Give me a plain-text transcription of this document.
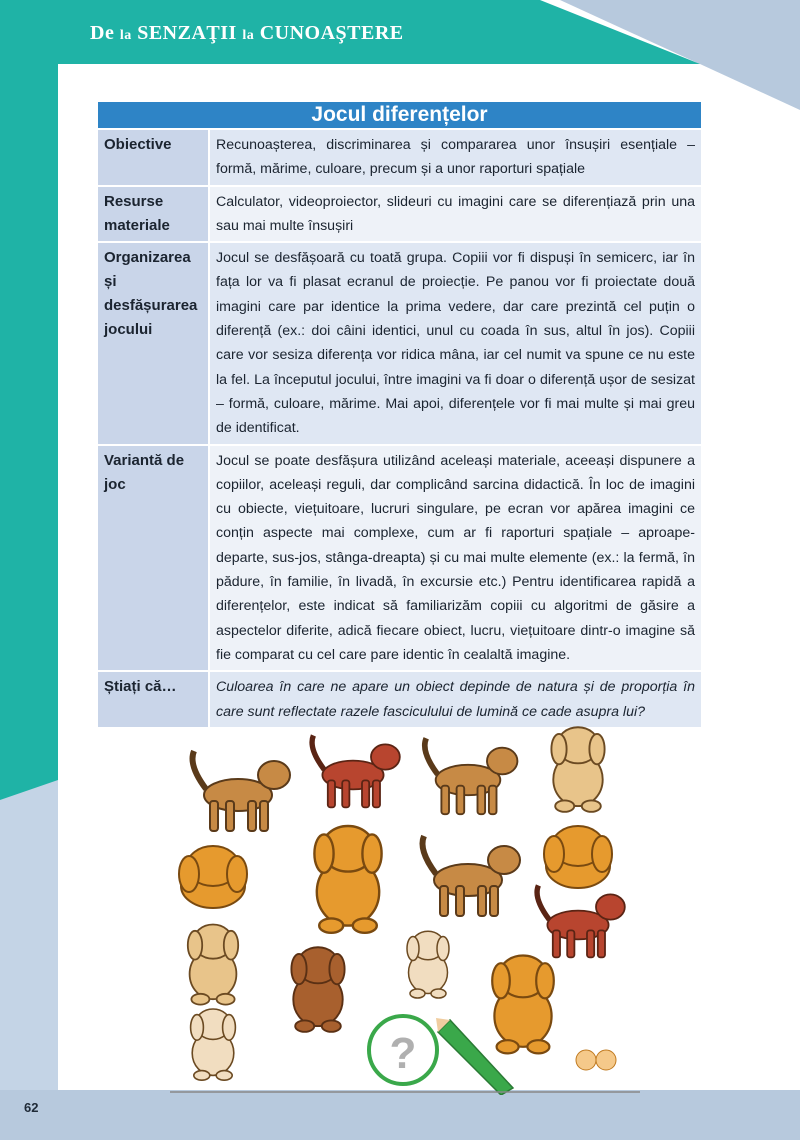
De la SENZAŢII la CUNOAŞTERE
Jocul diferențelor
Obiective	Recunoașterea, discriminarea și compararea unor însușiri esențiale – formă, mărime, culoare, precum și a unor raporturi spațiale
Resurse materiale
Calculator, videoproiector, slideuri cu imagini care se diferențiază prin una sau mai multe însușiri
Organizarea și desfășurarea jocului
Jocul se desfășoară cu toată grupa. Copiii vor fi dispuși în semicerc, iar în fața lor va fi plasat ecranul de proiecție. Pe panou vor fi proiectate două imagini care par identice la prima vedere, dar care prezintă cel puțin o diferență (ex.: doi câini identici, unul cu coada în sus, altul în jos). Copiii care vor sesiza diferența vor ridica mâna, iar cel numit va spune ce nu este la fel. La începutul jocului, între imagini va fi doar o diferență ușor de sesizat – formă, culoare, mărime. Mai apoi, diferențele vor fi mai multe și mai greu de identificat.
Variantă de joc
Jocul se poate desfășura utilizând aceleași materiale, aceeași dispunere a copiilor, aceleași reguli, dar complicând sarcina didactică. În loc de imagini cu obiecte, viețuitoare, lucruri singulare, pe ecran vor apărea imagini ce conțin aspecte mai complexe, cum ar fi raporturi spațiale – aproape-departe, sus-jos, stânga-dreapta) și cu mai multe elemente (ex.: la fermă, în pădure, în familie, în livadă, în excursie etc.) Pentru identificarea rapidă a diferențelor, este indicat să familiarizăm copiii cu algoritmi de găsire a aspectelor diferite, adică fiecare obiect, lucru, viețuitoare dintr-o imagine să fie comparat cu cel care pare identic în cealaltă imagine.
Știați că…	Culoarea în care ne apare un obiect depinde de natura și de proporția în care sunt reflectate razele fasciculului de lumină ce cade asupra lui?
?
62
